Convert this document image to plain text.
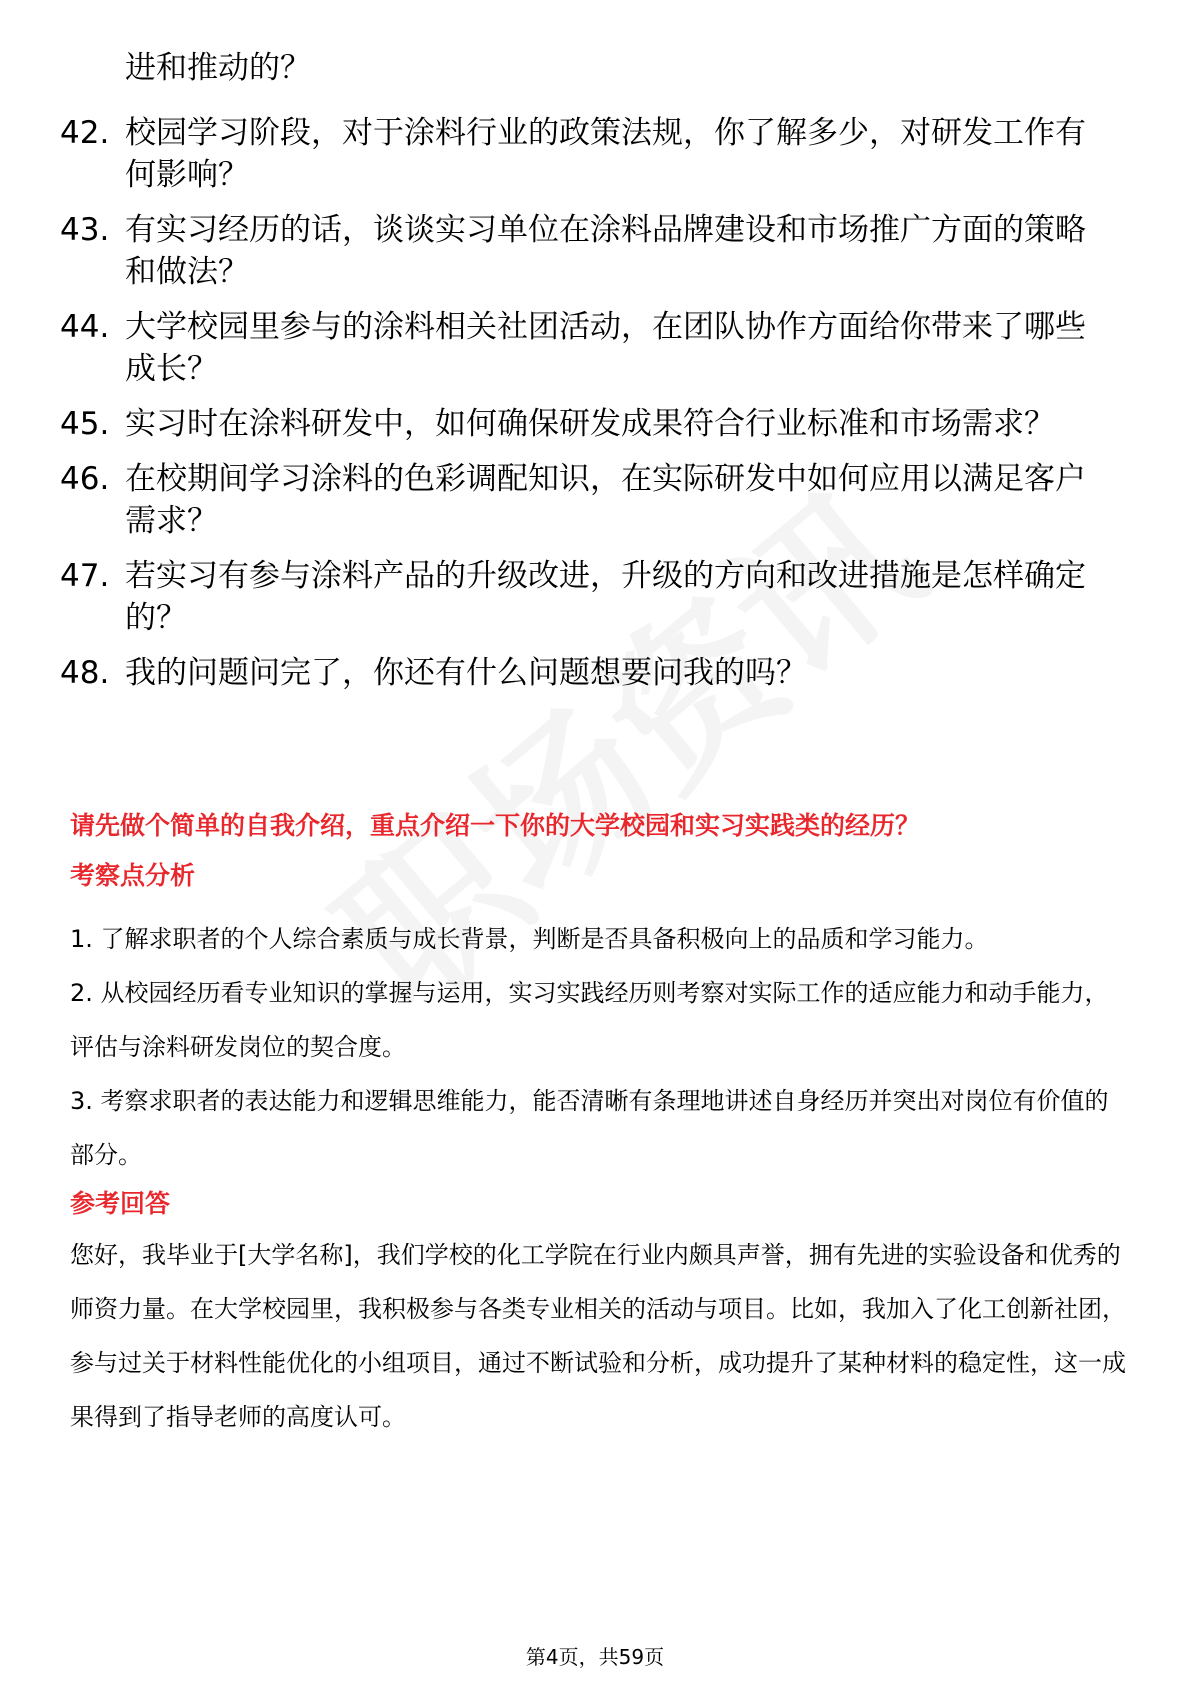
进和推动的？
42. 校园学习阶段，对于涂料行业的政策法规，你了解多少，对研发工作有何影响？
43. 有实习经历的话，谈谈实习单位在涂料品牌建设和市场推广方面的策略和做法？
44. 大学校园里参与的涂料相关社团活动，在团队协作方面给你带来了哪些成长？
45. 实习时在涂料研发中，如何确保研发成果符合行业标准和市场需求？
46. 在校期间学习涂料的色彩调配知识，在实际研发中如何应用以满足客户需求？
47. 若实习有参与涂料产品的升级改进，升级的方向和改进措施是怎样确定的？
48. 我的问题问完了，你还有什么问题想要问我的吗？
请先做个简单的自我介绍，重点介绍一下你的大学校园和实习实践类的经历？
考察点分析

1. 了解求职者的个人综合素质与成长背景，判断是否具备积极向上的品质和学习能力。

2. 从校园经历看专业知识的掌握与运用，实习实践经历则考察对实际工作的适应能力和动手能力，评估与涂料研发岗位的契合度。

3. 考察求职者的表达能力和逻辑思维能力，能否清晰有条理地讲述自身经历并突出对岗位有价值的部分。

参考回答
您好，我毕业于[大学名称]，我们学校的化工学院在行业内颇具声誉，拥有先进的实验设备和优秀的师资力量。在大学校园里，我积极参与各类专业相关的活动与项目。比如，我加入了化工创新社团，参与过关于材料性能优化的小组项目，通过不断试验和分析，成功提升了某种材料的稳定性，这一成果得到了指导老师的高度认可。
第4页，共59页
